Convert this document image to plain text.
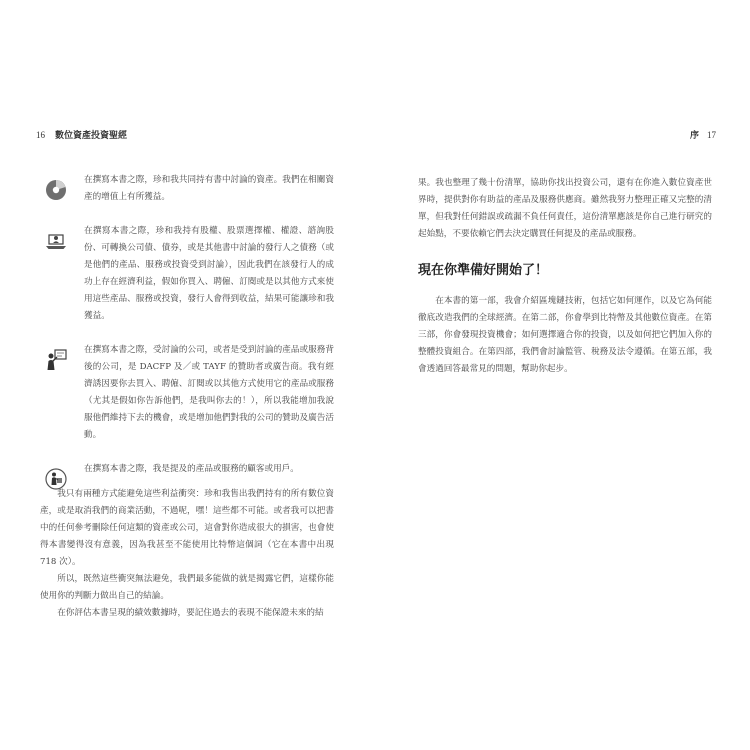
16 數位資產投資聖經	序 17

在撰寫本書之際，珍和我共同持有書中討論的資產。我們在相關資產的增值上有所獲益。

在撰寫本書之際，珍和我持有股權、股票選擇權、權證、諮詢股份、可轉換公司債、債券，或是其他書中討論的發行人之債務（或是他們的產品、服務或投資受到討論），因此我們在該發行人的成功上存在經濟利益，假如你買入、聘僱、訂閱或是以其他方式來使用這些產品、服務或投資，發行人會得到收益，結果可能讓珍和我獲益。

在撰寫本書之際，受討論的公司，或者是受到討論的產品或服務背後的公司，是 DACFP 及／或 TAYF 的贊助者或廣告商。我有經濟誘因要你去買入、聘僱、訂閱或以其他方式使用它的產品或服務（尤其是假如你告訴他們，是我叫你去的！），所以我能增加我說服他們維持下去的機會，或是增加他們對我的公司的贊助及廣告活動。

在撰寫本書之際，我是提及的產品或服務的顧客或用戶。

我只有兩種方式能避免這些利益衝突：珍和我售出我們持有的所有數位資產，或是取消我們的商業活動，不過呢，嘿！這些都不可能。或者我可以把書中的任何參考刪除任何這類的資產或公司，這會對你造成很大的損害，也會使得本書變得沒有意義，因為我甚至不能使用比特幣這個詞（它在本書中出現 718 次）。

所以，既然這些衝突無法避免，我們最多能做的就是揭露它們，這樣你能使用你的判斷力做出自己的結論。

在你評估本書呈現的績效數據時，要記住過去的表現不能保證未來的結

果。我也整理了幾十份清單，協助你找出投資公司，還有在你進入數位資產世界時，提供對你有助益的產品及服務供應商。雖然我努力整理正確又完整的清單，但我對任何錯誤或疏漏不負任何責任，這份清單應該是你自己進行研究的起始點，不要依賴它們去決定購買任何提及的產品或服務。

現在你準備好開始了！

在本書的第一部，我會介紹區塊鏈技術，包括它如何運作，以及它為何能徹底改造我們的全球經濟。在第二部，你會學到比特幣及其他數位資產。在第三部，你會發現投資機會；如何選擇適合你的投資，以及如何把它們加入你的整體投資組合。在第四部，我們會討論監管、稅務及法令遵循。在第五部，我會透過回答最常見的問題，幫助你起步。
